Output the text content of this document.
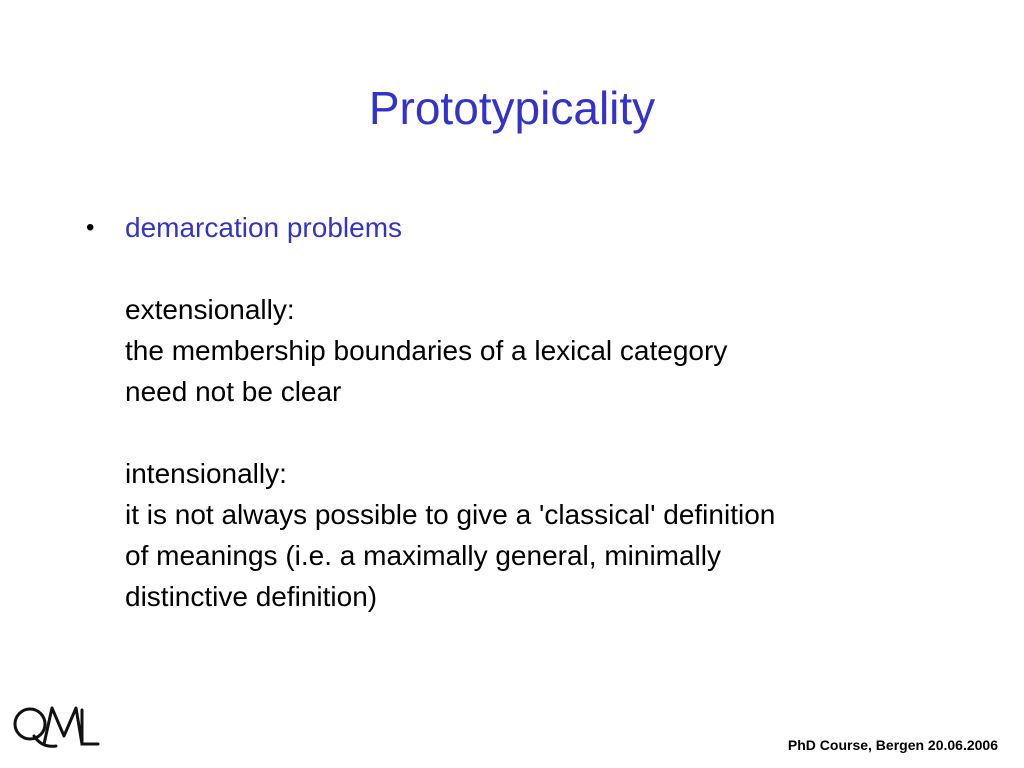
Prototypicality
• demarcation problems
extensionally:
the membership boundaries of a lexical category
need not be clear
intensionally:
it is not always possible to give a 'classical' definition
of meanings (i.e. a maximally general, minimally
distinctive definition)
PhD Course, Bergen 20.06.2006
